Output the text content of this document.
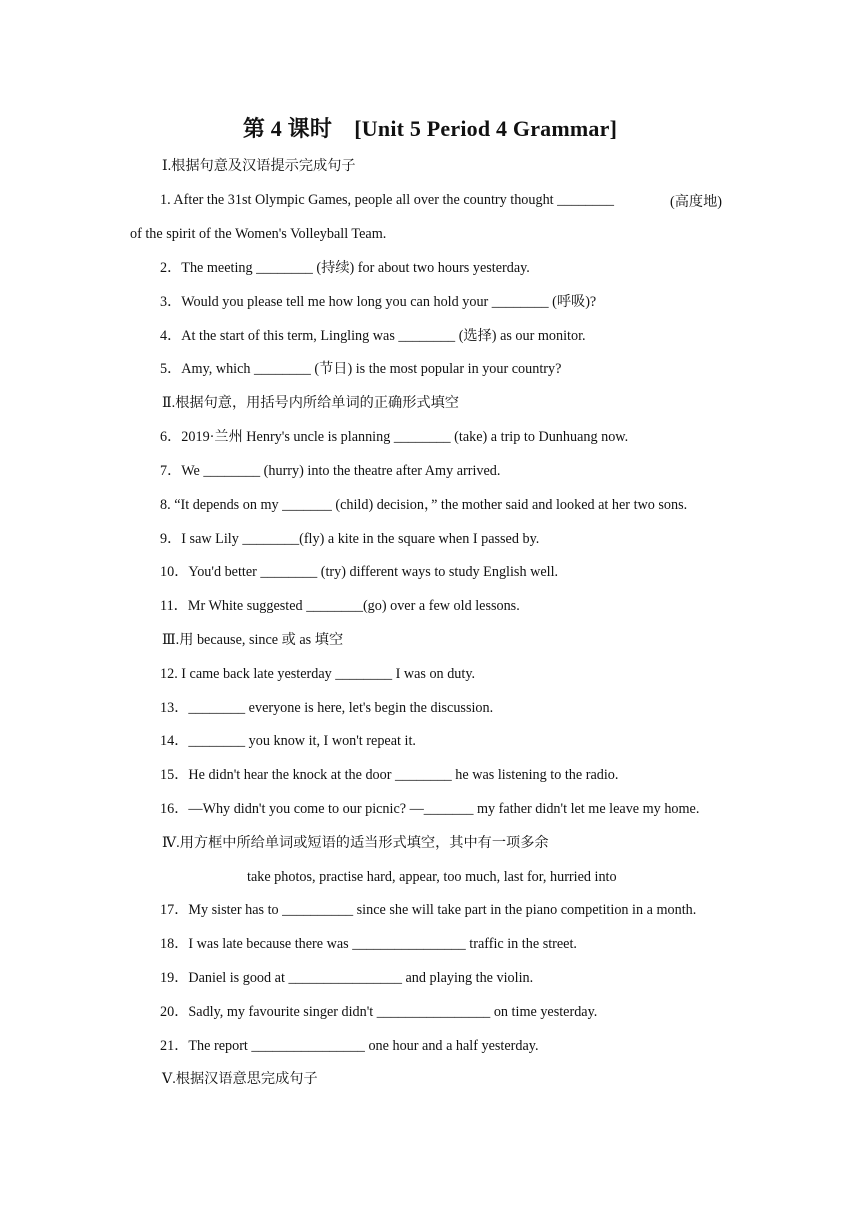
第 4 课时　[Unit 5 Period 4 Grammar]
Ⅰ.根据句意及汉语提示完成句子
1. After the 31st Olympic Games, people all over the country thought ________	(高度地)
of the spirit of the Women's Volleyball Team.
2．The meeting ________ (持续) for about two hours yesterday.
3．Would you please tell me how long you can hold your ________ (呼吸)?
4．At the start of this term, Lingling was ________ (选择) as our monitor.
5．Amy, which ________ (节日) is the most popular in your country?
Ⅱ.根据句意，用括号内所给单词的正确形式填空
6．2019·兰州 Henry's uncle is planning ________ (take) a trip to Dunhuang now.
7．We ________ (hurry) into the theatre after Amy arrived.
8. “It depends on my _______ (child) decision，” the mother said and looked at her two sons.
9．I saw Lily ________(fly) a kite in the square when I passed by.
10．You'd better ________ (try) different ways to study English well.
11．Mr White suggested ________(go) over a few old lessons.
Ⅲ.用 because, since 或 as 填空
12. I came back late yesterday ________ I was on duty.
13．________ everyone is here, let's begin the discussion.
14．________ you know it, I won't repeat it.
15．He didn't hear the knock at the door ________ he was listening to the radio.
16．—Why didn't you come to our picnic? —_______ my father didn't let me leave my home.
Ⅳ.用方框中所给单词或短语的适当形式填空，其中有一项多余
take photos, practise hard, appear, too much, last for, hurried into
17．My sister has to __________ since she will take part in the piano competition in a month.
18．I was late because there was ________________ traffic in the street.
19．Daniel is good at ________________ and playing the violin.
20．Sadly, my favourite singer didn't ________________ on time yesterday.
21．The report ________________ one hour and a half yesterday.
Ⅴ.根据汉语意思完成句子
